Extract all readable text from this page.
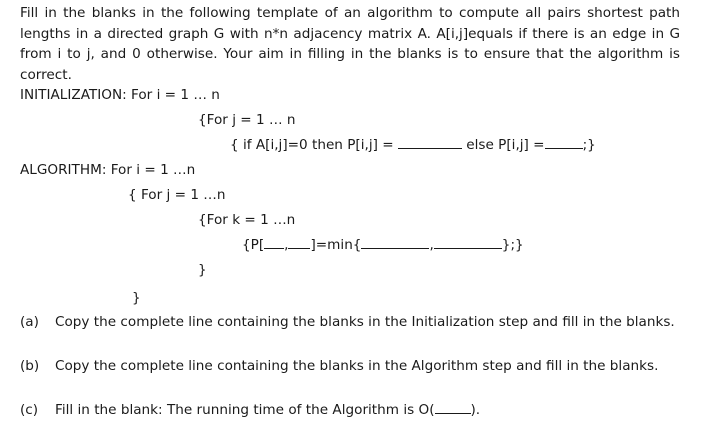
Fill in the blanks in the following template of an algorithm to compute all pairs shortest path lengths in a directed graph G with n*n adjacency matrix A. A[i,j]equals if there is an edge in G from i to j, and 0 otherwise. Your aim in filling in the blanks is to ensure that the algorithm is correct.

INITIALIZATION: For i = 1 … n
{For j = 1 … n
{ if A[i,j]=0 then P[i,j] =	else P[i,j] =	;}
ALGORITHM: For i = 1 …n
{ For j = 1 …n
{For k = 1 …n
{P[ , ]=min{	,	};}
}
}
(a) Copy the complete line containing the blanks in the Initialization step and fill in the blanks.
(b) Copy the complete line containing the blanks in the Algorithm step and fill in the blanks.
(c) Fill in the blank: The running time of the Algorithm is O(	).
